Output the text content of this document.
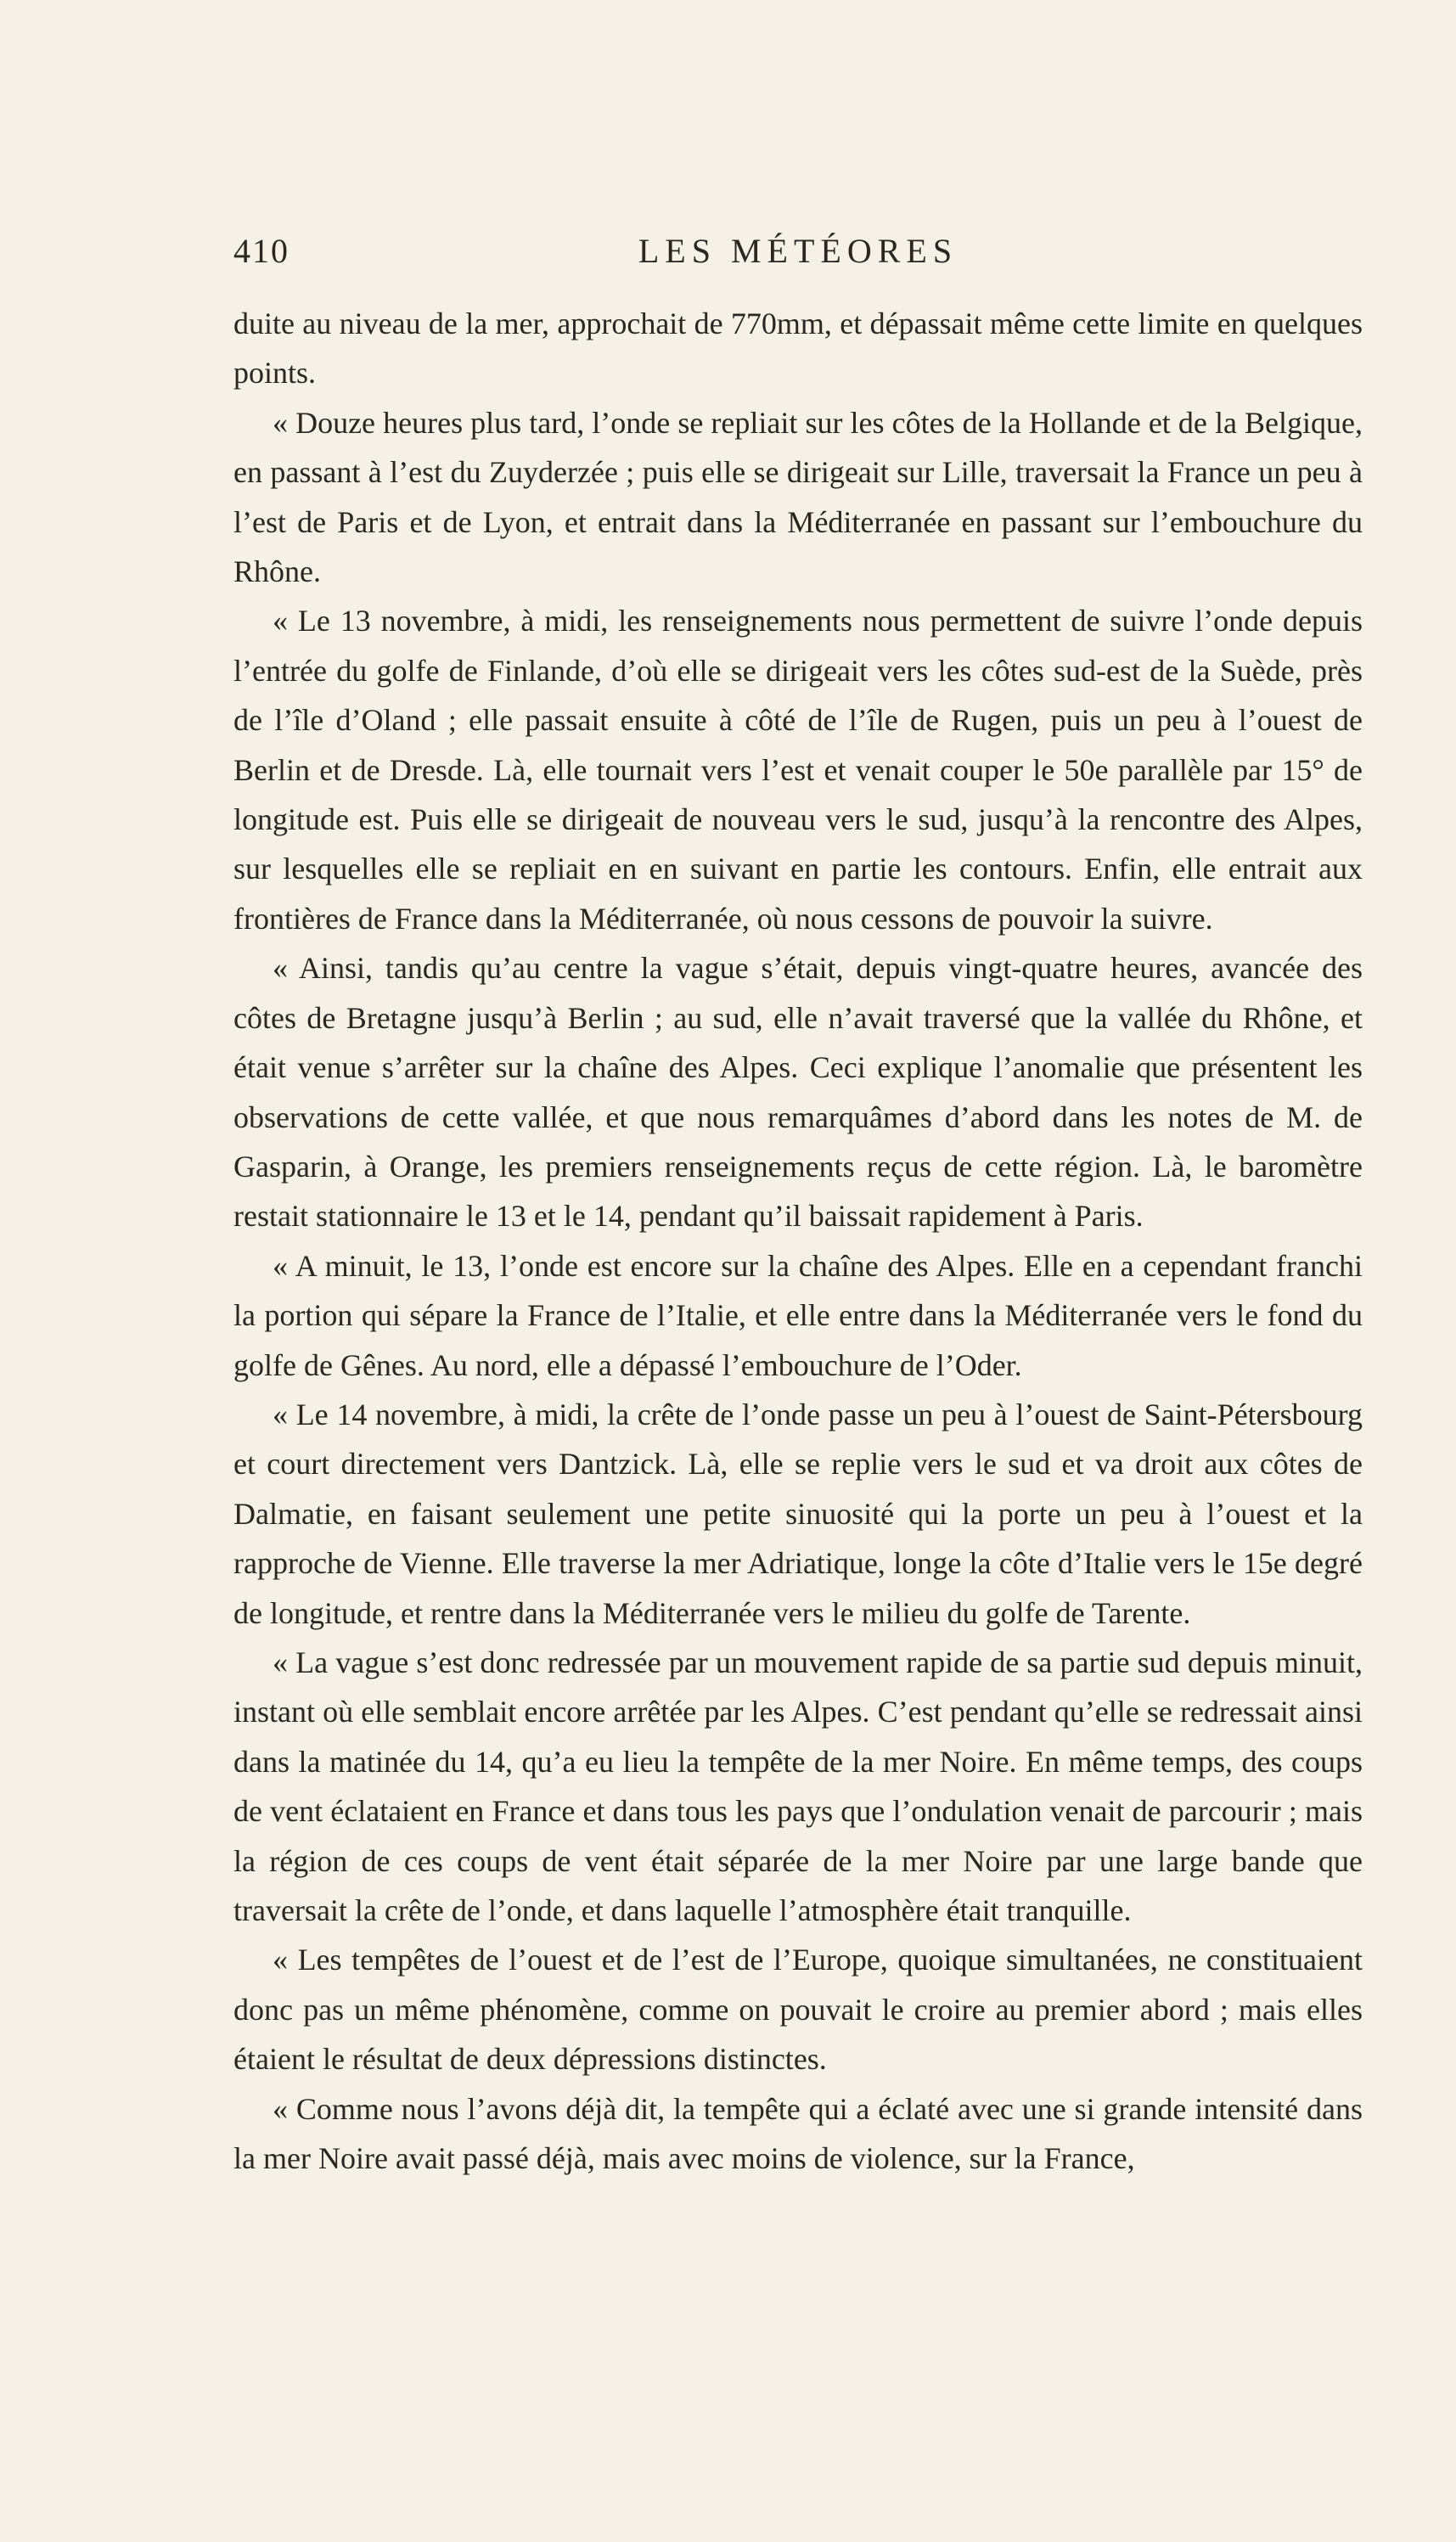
410	LES MÉTÉORES

duite au niveau de la mer, approchait de 770mm, et dépassait même cette limite en quelques points.

« Douze heures plus tard, l’onde se repliait sur les côtes de la Hollande et de la Belgique, en passant à l’est du Zuyderzée ; puis elle se dirigeait sur Lille, traversait la France un peu à l’est de Paris et de Lyon, et entrait dans la Méditerranée en passant sur l’embouchure du Rhône.

« Le 13 novembre, à midi, les renseignements nous permettent de suivre l’onde depuis l’entrée du golfe de Finlande, d’où elle se dirigeait vers les côtes sud-est de la Suède, près de l’île d’Oland ; elle passait ensuite à côté de l’île de Rugen, puis un peu à l’ouest de Berlin et de Dresde. Là, elle tournait vers l’est et venait couper le 50e parallèle par 15° de longitude est. Puis elle se dirigeait de nouveau vers le sud, jusqu’à la rencontre des Alpes, sur lesquelles elle se repliait en en suivant en partie les contours. Enfin, elle entrait aux frontières de France dans la Méditerranée, où nous cessons de pouvoir la suivre.

« Ainsi, tandis qu’au centre la vague s’était, depuis vingt-quatre heures, avancée des côtes de Bretagne jusqu’à Berlin ; au sud, elle n’avait traversé que la vallée du Rhône, et était venue s’arrêter sur la chaîne des Alpes. Ceci explique l’anomalie que présentent les observations de cette vallée, et que nous remarquâmes d’abord dans les notes de M. de Gasparin, à Orange, les premiers renseignements reçus de cette région. Là, le baromètre restait stationnaire le 13 et le 14, pendant qu’il baissait rapidement à Paris.

« A minuit, le 13, l’onde est encore sur la chaîne des Alpes. Elle en a cependant franchi la portion qui sépare la France de l’Italie, et elle entre dans la Méditerranée vers le fond du golfe de Gênes. Au nord, elle a dépassé l’embouchure de l’Oder.

« Le 14 novembre, à midi, la crête de l’onde passe un peu à l’ouest de Saint-Pétersbourg et court directement vers Dantzick. Là, elle se replie vers le sud et va droit aux côtes de Dalmatie, en faisant seulement une petite sinuosité qui la porte un peu à l’ouest et la rapproche de Vienne. Elle traverse la mer Adriatique, longe la côte d’Italie vers le 15e degré de longitude, et rentre dans la Méditerranée vers le milieu du golfe de Tarente.

« La vague s’est donc redressée par un mouvement rapide de sa partie sud depuis minuit, instant où elle semblait encore arrêtée par les Alpes. C’est pendant qu’elle se redressait ainsi dans la matinée du 14, qu’a eu lieu la tempête de la mer Noire. En même temps, des coups de vent éclataient en France et dans tous les pays que l’ondulation venait de parcourir ; mais la région de ces coups de vent était séparée de la mer Noire par une large bande que traversait la crête de l’onde, et dans laquelle l’atmosphère était tranquille.

« Les tempêtes de l’ouest et de l’est de l’Europe, quoique simultanées, ne constituaient donc pas un même phénomène, comme on pouvait le croire au premier abord ; mais elles étaient le résultat de deux dépressions distinctes.

« Comme nous l’avons déjà dit, la tempête qui a éclaté avec une si grande intensité dans la mer Noire avait passé déjà, mais avec moins de violence, sur la France,
